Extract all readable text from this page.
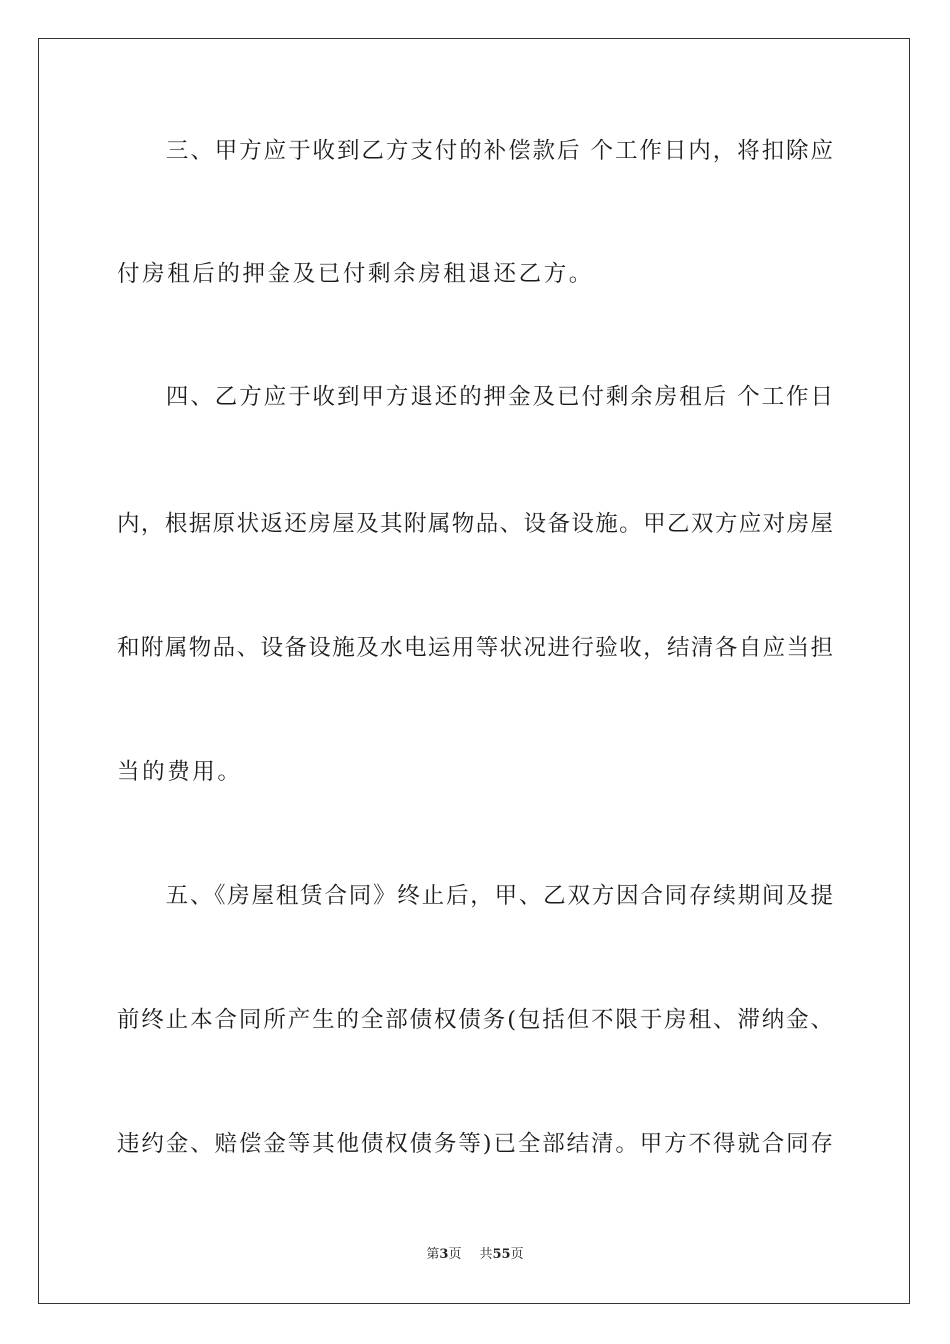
　　三、甲方应于收到乙方支付的补偿款后 个工作日内，将扣除应
付房租后的押金及已付剩余房租退还乙方。
　　四、乙方应于收到甲方退还的押金及已付剩余房租后 个工作日
内，根据原状返还房屋及其附属物品、设备设施。甲乙双方应对房屋
和附属物品、设备设施及水电运用等状况进行验收，结清各自应当担
当的费用。
　　五、《房屋租赁合同》终止后，甲、乙双方因合同存续期间及提
前终止本合同所产生的全部债权债务(包括但不限于房租、滞纳金、
违约金、赔偿金等其他债权债务等)已全部结清。甲方不得就合同存
第3页 共55页
